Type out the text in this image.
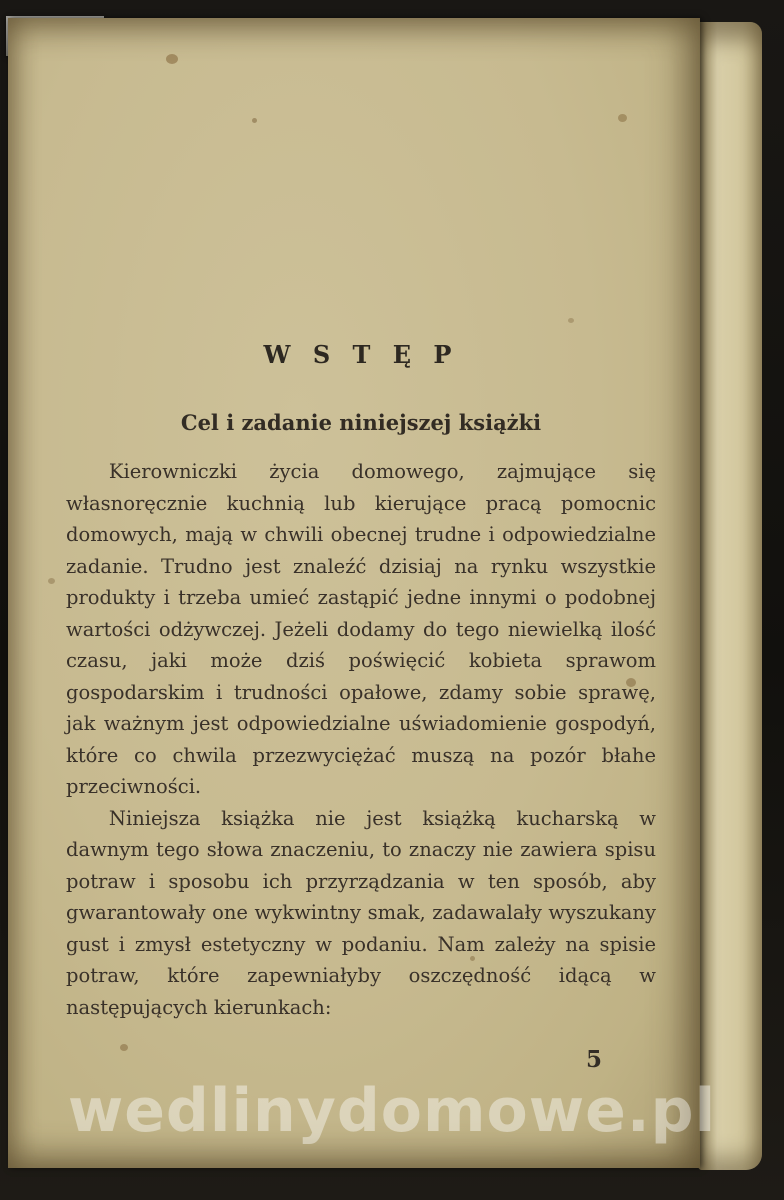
W S T Ę P
Cel i zadanie niniejszej książki

Kierowniczki życia domowego, zajmujące się własnoręcznie kuchnią lub kierujące pracą pomocnic domowych, mają w chwili obecnej trudne i odpowiedzialne zadanie. Trudno jest znaleźć dzisiaj na rynku wszystkie produkty i trzeba umieć zastąpić jedne innymi o podobnej wartości odżywczej. Jeżeli dodamy do tego niewielką ilość czasu, jaki może dziś poświęcić kobieta sprawom gospodarskim i trudności opałowe, zdamy sobie sprawę, jak ważnym jest odpowiedzialne uświadomienie gospodyń, które co chwila przezwyciężać muszą na pozór błahe przeciwności.

Niniejsza książka nie jest książką kucharską w dawnym tego słowa znaczeniu, to znaczy nie zawiera spisu potraw i sposobu ich przyrządzania w ten sposób, aby gwarantowały one wykwintny smak, zadawalały wyszukany gust i zmysł estetyczny w podaniu. Nam zależy na spisie potraw, które zapewniałyby oszczędność idącą w następujących kierunkach:

5
wedlinydomowe.pl
